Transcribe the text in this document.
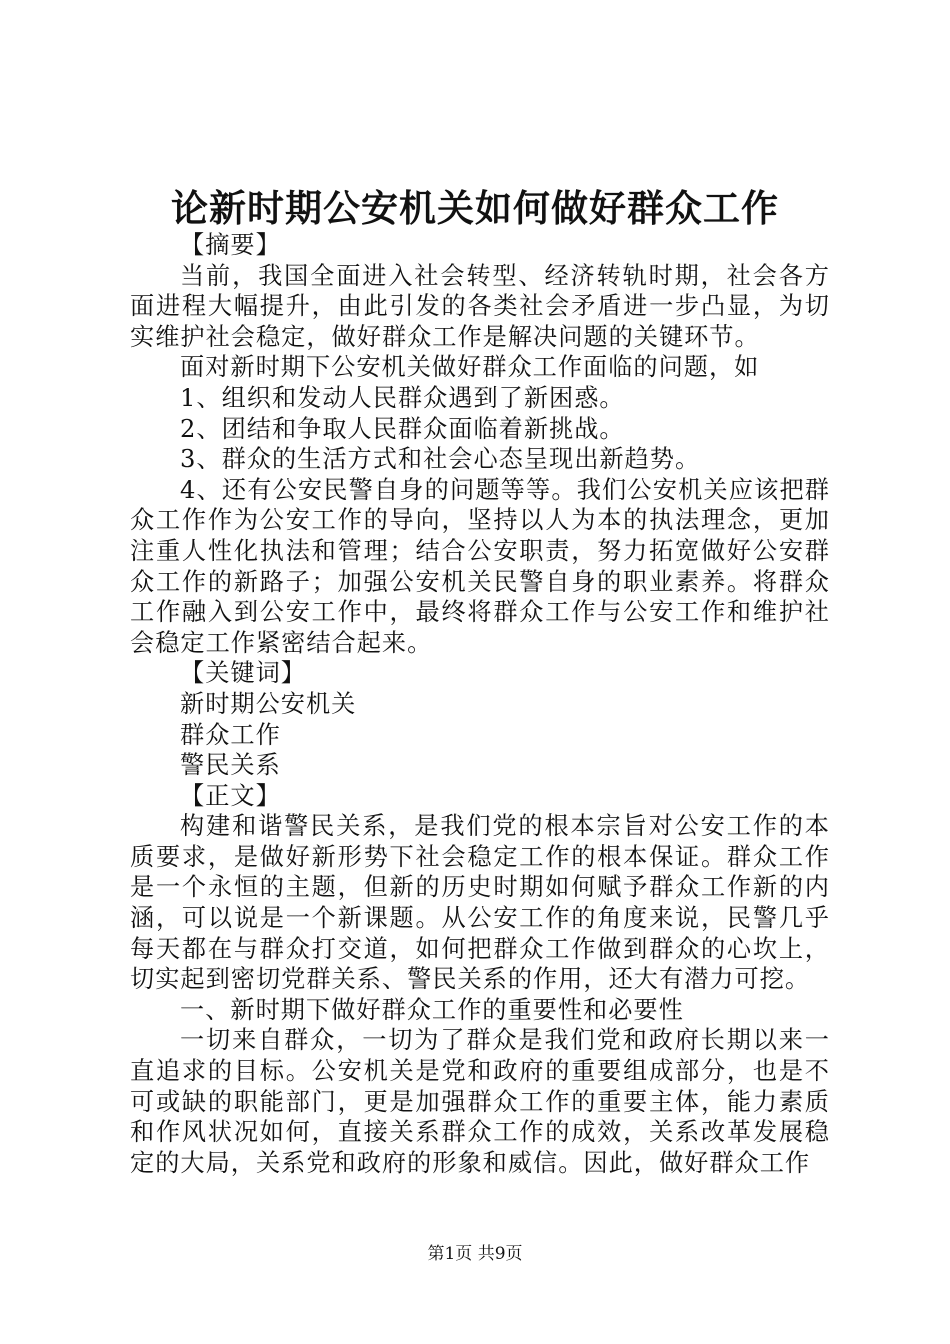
论新时期公安机关如何做好群众工作

【摘要】

当前，我国全面进入社会转型、经济转轨时期，社会各方面进程大幅提升，由此引发的各类社会矛盾进一步凸显，为切实维护社会稳定，做好群众工作是解决问题的关键环节。

面对新时期下公安机关做好群众工作面临的问题，如

1、组织和发动人民群众遇到了新困惑。

2、团结和争取人民群众面临着新挑战。

3、群众的生活方式和社会心态呈现出新趋势。

4、还有公安民警自身的问题等等。我们公安机关应该把群众工作作为公安工作的导向，坚持以人为本的执法理念，更加注重人性化执法和管理；结合公安职责，努力拓宽做好公安群众工作的新路子；加强公安机关民警自身的职业素养。将群众工作融入到公安工作中，最终将群众工作与公安工作和维护社会稳定工作紧密结合起来。

【关键词】

新时期公安机关

群众工作

警民关系

【正文】

构建和谐警民关系，是我们党的根本宗旨对公安工作的本质要求，是做好新形势下社会稳定工作的根本保证。群众工作是一个永恒的主题，但新的历史时期如何赋予群众工作新的内涵，可以说是一个新课题。从公安工作的角度来说，民警几乎每天都在与群众打交道，如何把群众工作做到群众的心坎上，切实起到密切党群关系、警民关系的作用，还大有潜力可挖。

一、新时期下做好群众工作的重要性和必要性

一切来自群众，一切为了群众是我们党和政府长期以来一直追求的目标。公安机关是党和政府的重要组成部分，也是不可或缺的职能部门，更是加强群众工作的重要主体，能力素质和作风状况如何，直接关系群众工作的成效，关系改革发展稳定的大局，关系党和政府的形象和威信。因此，做好群众工作

第1页 共9页
